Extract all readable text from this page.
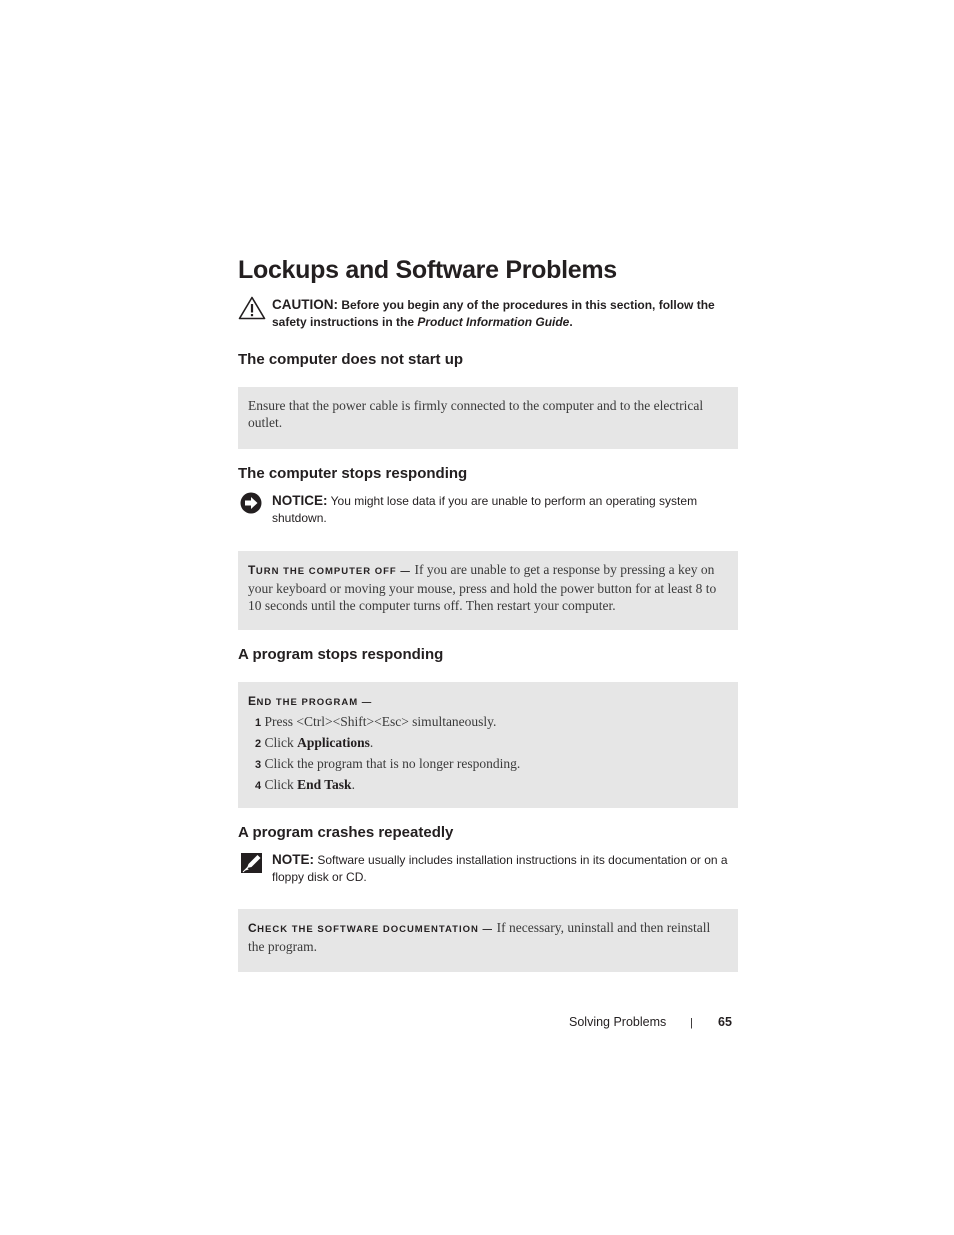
Lockups and Software Problems
CAUTION: Before you begin any of the procedures in this section, follow the safety instructions in the Product Information Guide.
The computer does not start up
Ensure that the power cable is firmly connected to the computer and to the electrical outlet.
The computer stops responding
NOTICE: You might lose data if you are unable to perform an operating system shutdown.
TURN THE COMPUTER OFF — If you are unable to get a response by pressing a key on your keyboard or moving your mouse, press and hold the power button for at least 8 to 10 seconds until the computer turns off. Then restart your computer.
A program stops responding
END THE PROGRAM —
1 Press <Ctrl><Shift><Esc> simultaneously.
2 Click Applications.
3 Click the program that is no longer responding.
4 Click End Task.
A program crashes repeatedly
NOTE: Software usually includes installation instructions in its documentation or on a floppy disk or CD.
CHECK THE SOFTWARE DOCUMENTATION — If necessary, uninstall and then reinstall the program.
Solving Problems | 65
